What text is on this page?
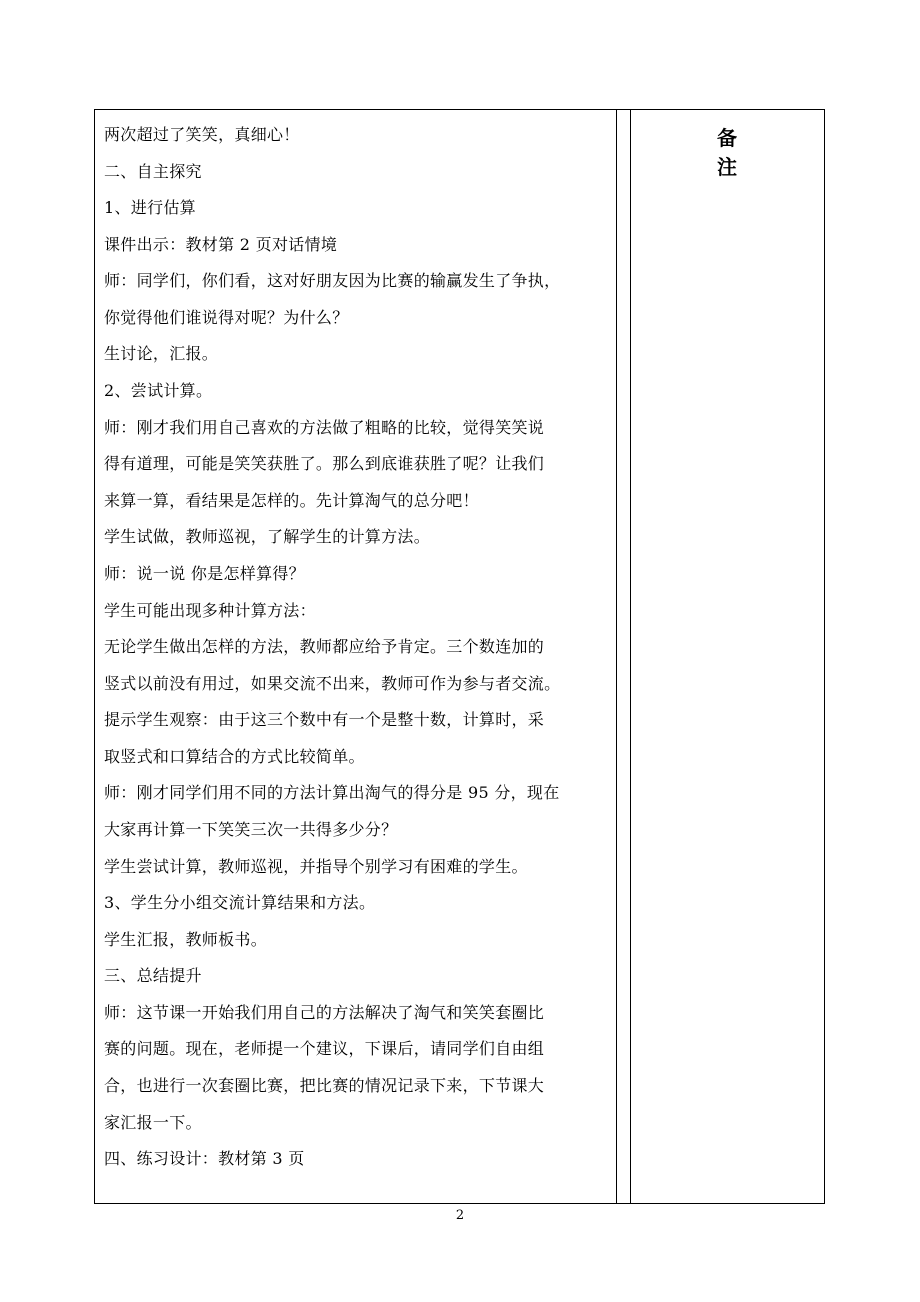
两次超过了笑笑，真细心！
二、自主探究
1、进行估算
课件出示：教材第 2 页对话情境
师：同学们，你们看，这对好朋友因为比赛的输赢发生了争执，
你觉得他们谁说得对呢？为什么？
生讨论，汇报。
2、尝试计算。
师：刚才我们用自己喜欢的方法做了粗略的比较，觉得笑笑说
得有道理，可能是笑笑获胜了。那么到底谁获胜了呢？让我们
来算一算，看结果是怎样的。先计算淘气的总分吧！
学生试做，教师巡视，了解学生的计算方法。
师：说一说 你是怎样算得？
学生可能出现多种计算方法：
无论学生做出怎样的方法，教师都应给予肯定。三个数连加的
竖式以前没有用过，如果交流不出来，教师可作为参与者交流。
提示学生观察：由于这三个数中有一个是整十数，计算时，采
取竖式和口算结合的方式比较简单。
师：刚才同学们用不同的方法计算出淘气的得分是 95 分，现在
大家再计算一下笑笑三次一共得多少分？
学生尝试计算，教师巡视，并指导个别学习有困难的学生。
3、学生分小组交流计算结果和方法。
学生汇报，教师板书。
三、总结提升
师：这节课一开始我们用自己的方法解决了淘气和笑笑套圈比
赛的问题。现在，老师提一个建议，下课后，请同学们自由组
合，也进行一次套圈比赛，把比赛的情况记录下来，下节课大
家汇报一下。
四、练习设计：教材第 3 页
备　注
2
